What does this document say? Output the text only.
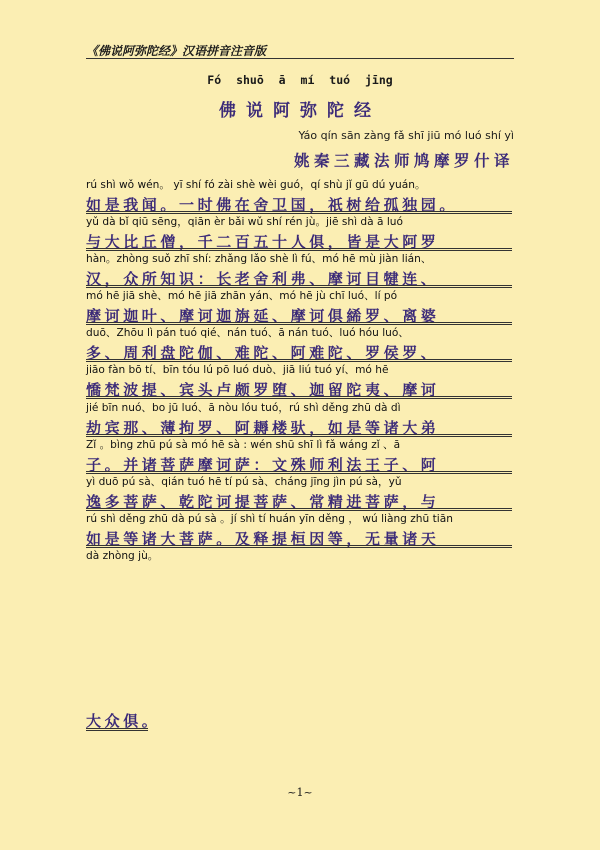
《佛说阿弥陀经》汉语拼音注音版
Fó shuō ā mí tuó jīng
佛说阿弥陀经
Yáo qín sān zàng fǎ shī jiū mó luó shí yì
姚秦三藏法师鸠摩罗什译
rú shì wǒ wén。 yī shí fó zài shè wèi guó，qí shù jǐ gū dú yuán。
如是我闻。一时佛在舍卫国，祇树给孤独园。
yǔ dà bǐ qiū sēng，qiān èr bǎi wǔ shí rén jù。jiē shì dà ā luó
与大比丘僧，千二百五十人俱，皆是大阿罗
hàn。zhòng suǒ zhī shí: zhǎng lǎo shè lì fú、mó hē mù jiàn lián、
汉，众所知识：长老舍利弗、摩诃目犍连、
mó hē jiā shè、mó hē jiā zhān yán、mó hē jù chī luó、lí pó
摩诃迦叶、摩诃迦旃延、摩诃俱絺罗、离婆
duō、Zhōu lì pán tuó qié、nán tuó、ā nán tuó、luó hóu luó、
多、周利盘陀伽、难陀、阿难陀、罗侯罗、
jiāo fàn bō tí、bīn tóu lú pō luó duò、jiā liú tuó yí、mó hē
憍梵波提、宾头卢颇罗堕、迦留陀夷、摩诃
jié bīn nuó、bo jū luó、ā nòu lóu tuó，rú shì děng zhū dà dì
劫宾那、薄拘罗、阿耨楼驮，如是等诸大弟
Zǐ 。bìng zhū pú sà mó hē sà : wén shū shī lì fǎ wáng zǐ 、ā
子。并诸菩萨摩诃萨：文殊师利法王子、阿
yì duō pú sà、qián tuó hē tí pú sà、cháng jīng jìn pú sà，yǔ
逸多菩萨、乾陀诃提菩萨、常精进菩萨，与
rú shì děng zhū dà pú sà 。jí shì tí huán yīn děng ， wú liàng zhū tiān
如是等诸大菩萨。及释提桓因等，无量诸天
dà zhòng jù。
大众俱。
~1~
